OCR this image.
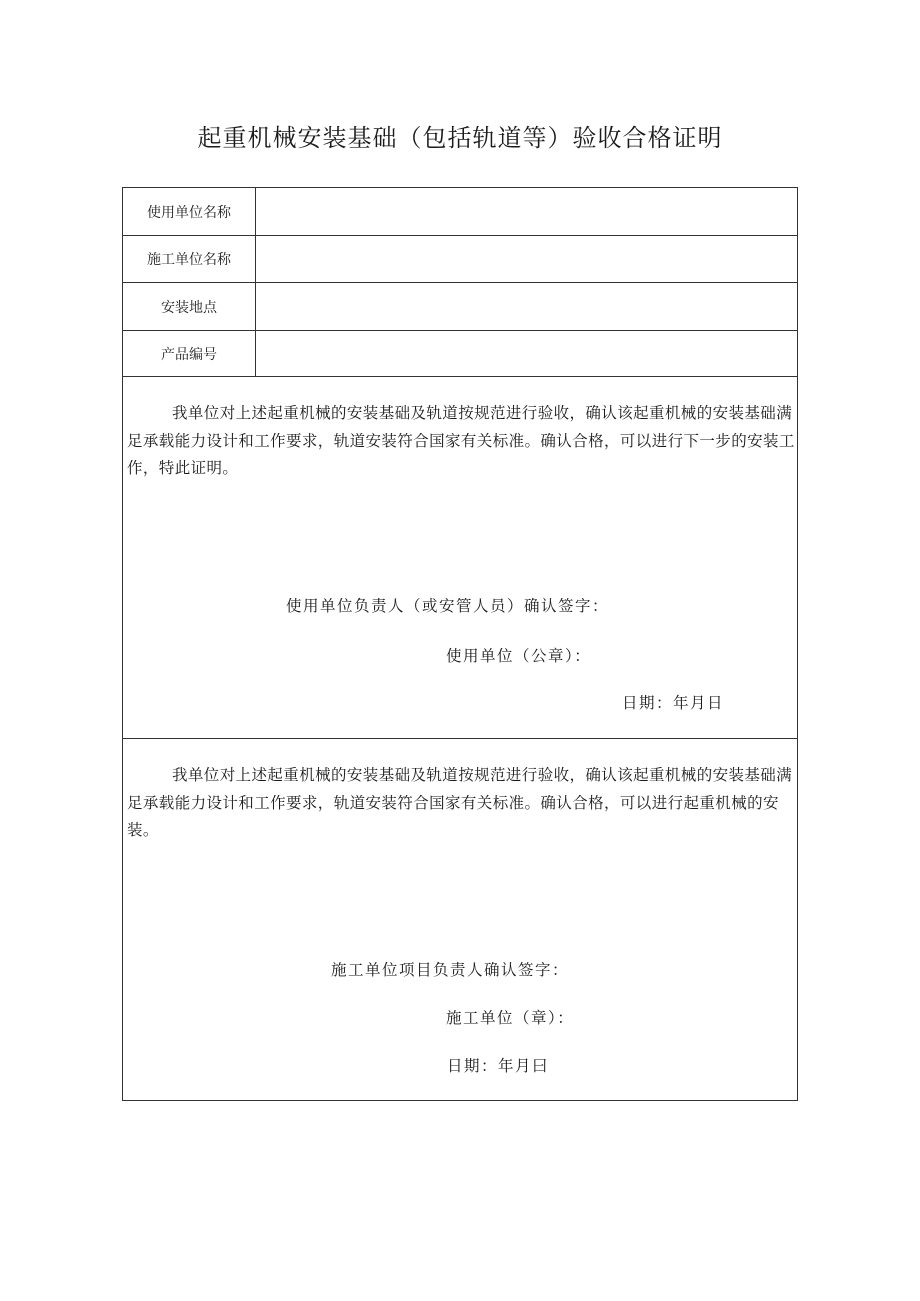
起重机械安装基础（包括轨道等）验收合格证明
使用单位名称
施工单位名称
安装地点
产品编号

我单位对上述起重机械的安装基础及轨道按规范进行验收，确认该起重机械的安装基础满足承载能力设计和工作要求，轨道安装符合国家有关标准。确认合格，可以进行下一步的安装工作，特此证明。

使用单位负责人（或安管人员）确认签字：
使用单位（公章）：
日期：年月日

我单位对上述起重机械的安装基础及轨道按规范进行验收，确认该起重机械的安装基础满足承载能力设计和工作要求，轨道安装符合国家有关标准。确认合格，可以进行起重机械的安装。

施工单位项目负责人确认签字：
施工单位（章）：
日期：年月曰
